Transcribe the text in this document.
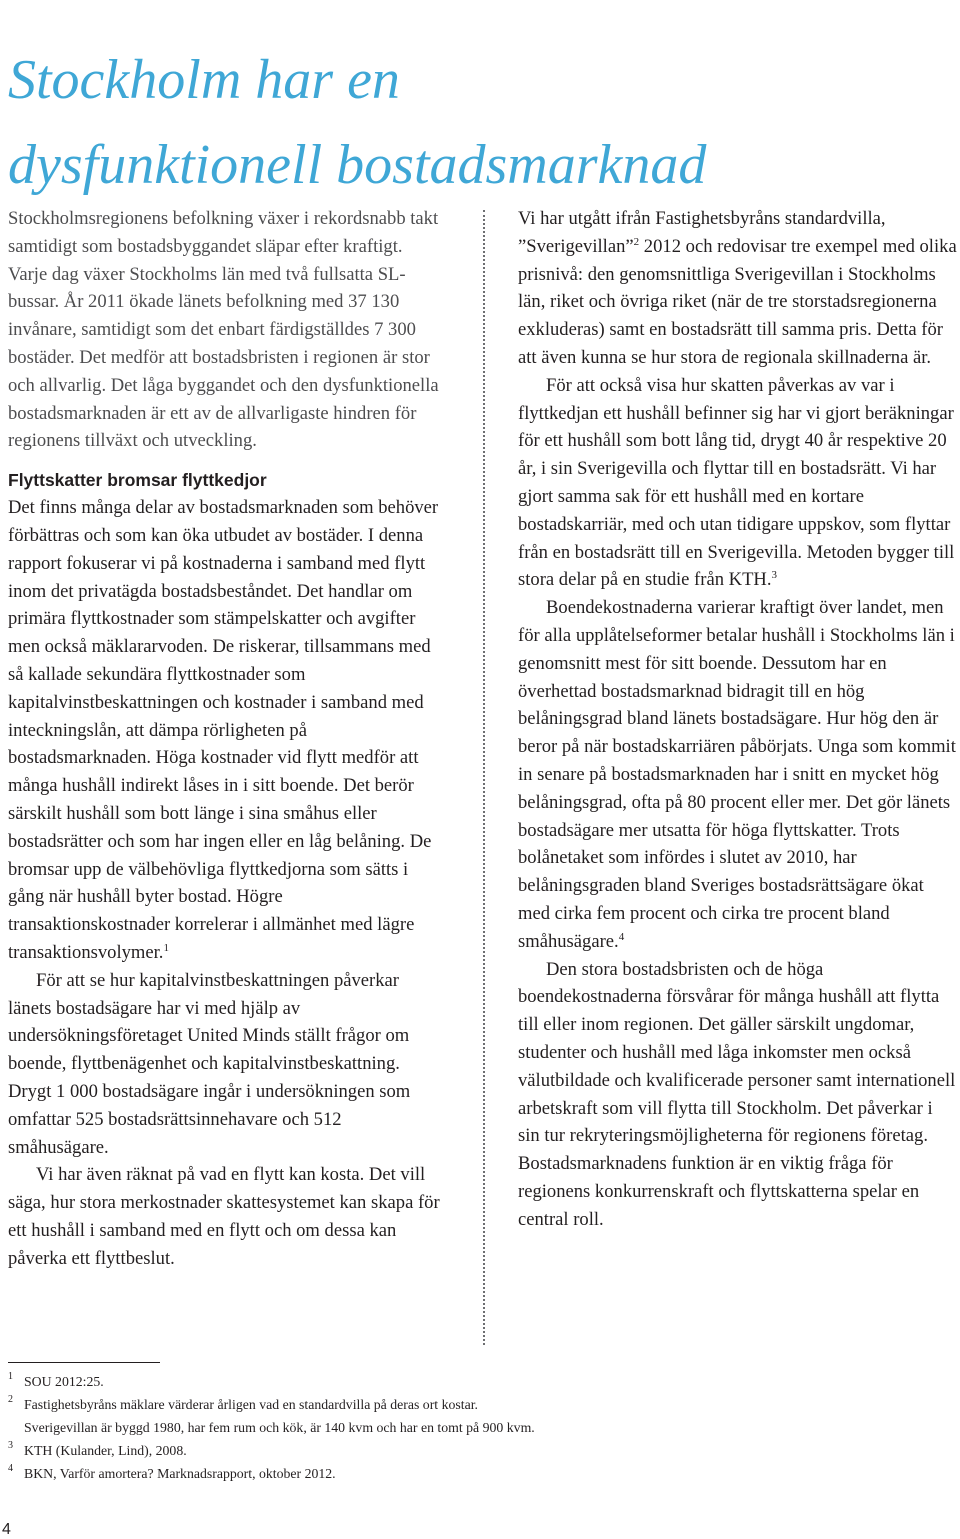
Stockholm har en
dysfunktionell bostadsmarknad

Stockholmsregionens befolkning växer i rekordsnabb takt samtidigt som bostadsbyggandet släpar efter kraftigt. Varje dag växer Stockholms län med två fullsatta SL-bussar. År 2011 ökade länets befolkning med 37 130 invånare, samtidigt som det enbart färdigställdes 7 300 bostäder. Det medför att bostadsbristen i regionen är stor och allvarlig. Det låga byggandet och den dysfunktionella bostadsmarknaden är ett av de allvarligaste hindren för regionens tillväxt och utveckling.

Flyttskatter bromsar flyttkedjor

Det finns många delar av bostadsmarknaden som behöver förbättras och som kan öka utbudet av bostäder. I denna rapport fokuserar vi på kostnaderna i samband med flytt inom det privatägda bostadsbeståndet. Det handlar om primära flyttkostnader som stämpelskatter och avgifter men också mäklararvoden. De riskerar, tillsammans med så kallade sekundära flyttkostnader som kapitalvinstbeskattningen och kostnader i samband med inteckningslån, att dämpa rörligheten på bostadsmarknaden. Höga kostnader vid flytt medför att många hushåll indirekt låses in i sitt boende. Det berör särskilt hushåll som bott länge i sina småhus eller bostadsrätter och som har ingen eller en låg belåning. De bromsar upp de välbehövliga flyttkedjorna som sätts i gång när hushåll byter bostad. Högre transaktionskostnader korrelerar i allmänhet med lägre transaktionsvolymer.$^1$

För att se hur kapitalvinstbeskattningen påverkar länets bostadsägare har vi med hjälp av undersökningsföretaget United Minds ställt frågor om boende, flyttbenägenhet och kapitalvinstbeskattning. Drygt 1 000 bostadsägare ingår i undersökningen som omfattar 525 bostadsrättsinnehavare och 512 småhusägare.

Vi har även räknat på vad en flytt kan kosta. Det vill säga, hur stora merkostnader skattesystemet kan skapa för ett hushåll i samband med en flytt och om dessa kan påverka ett flyttbeslut.

Vi har utgått ifrån Fastighetsbyråns standardvilla, ”Sverigevillan”$^2$ 2012 och redovisar tre exempel med olika prisnivå: den genomsnittliga Sverigevillan i Stockholms län, riket och övriga riket (när de tre storstadsregionerna exkluderas) samt en bostadsrätt till samma pris. Detta för att även kunna se hur stora de regionala skillnaderna är.

För att också visa hur skatten påverkas av var i flyttkedjan ett hushåll befinner sig har vi gjort beräkningar för ett hushåll som bott lång tid, drygt 40 år respektive 20 år, i sin Sverigevilla och flyttar till en bostadsrätt. Vi har gjort samma sak för ett hushåll med en kortare bostadskarriär, med och utan tidigare uppskov, som flyttar från en bostadsrätt till en Sverigevilla. Metoden bygger till stora delar på en studie från KTH.$^3$

Boendekostnaderna varierar kraftigt över landet, men för alla upplåtelseformer betalar hushåll i Stockholms län i genomsnitt mest för sitt boende. Dessutom har en överhettad bostadsmarknad bidragit till en hög belåningsgrad bland länets bostadsägare. Hur hög den är beror på när bostadskarriären påbörjats. Unga som kommit in senare på bostadsmarknaden har i snitt en mycket hög belåningsgrad, ofta på 80 procent eller mer. Det gör länets bostadsägare mer utsatta för höga flyttskatter. Trots bolånetaket som infördes i slutet av 2010, har belåningsgraden bland Sveriges bostadsrättsägare ökat med cirka fem procent och cirka tre procent bland småhusägare.$^4$

Den stora bostadsbristen och de höga boendekostnaderna försvårar för många hushåll att flytta till eller inom regionen. Det gäller särskilt ungdomar, studenter och hushåll med låga inkomster men också välutbildade och kvalificerade personer samt internationell arbetskraft som vill flytta till Stockholm. Det påverkar i sin tur rekryteringsmöjligheterna för regionens företag. Bostadsmarknadens funktion är en viktig fråga för regionens konkurrenskraft och flyttskatterna spelar en central roll.

1 SOU 2012:25.
2 Fastighetsbyråns mäklare värderar årligen vad en standardvilla på deras ort kostar.
Sverigevillan är byggd 1980, har fem rum och kök, är 140 kvm och har en tomt på 900 kvm.
3 KTH (Kulander, Lind), 2008.
4 BKN, Varför amortera? Marknadsrapport, oktober 2012.
4
